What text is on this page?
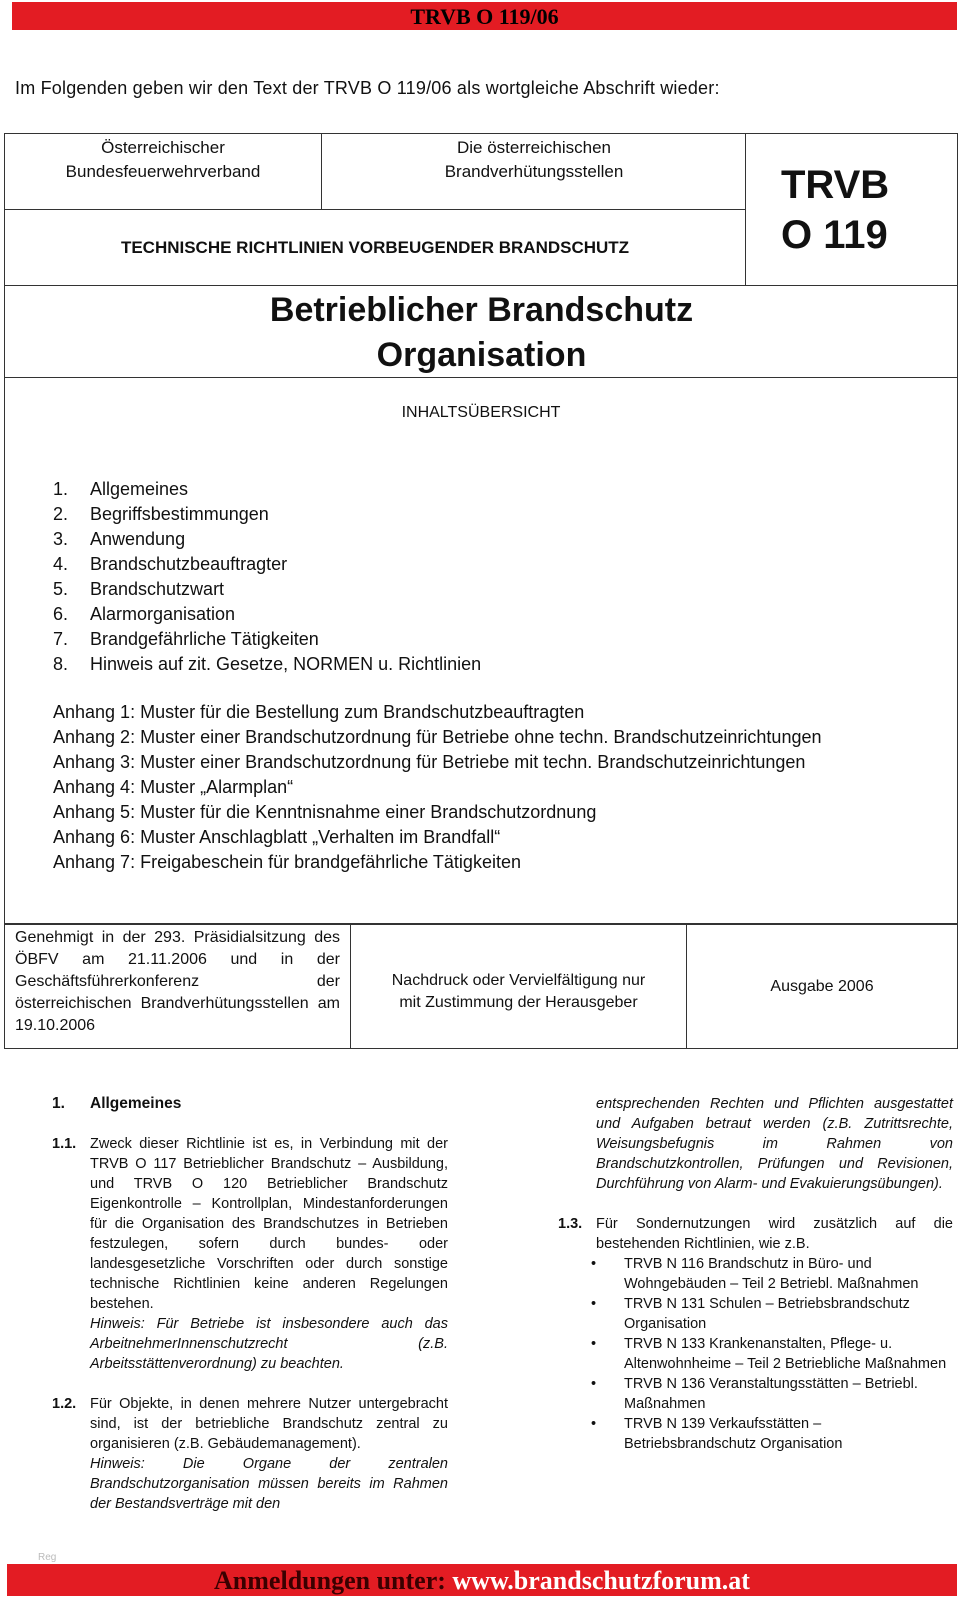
TRVB O 119/06
Im Folgenden geben wir den Text der TRVB O 119/06 als wortgleiche Abschrift wieder:
Österreichischer
Bundesfeuerwehrverband
Die österreichischen
Brandverhütungsstellen	TRVB
O 119
TECHNISCHE RICHTLINIEN VORBEUGENDER BRANDSCHUTZ
Betrieblicher Brandschutz
Organisation
INHALTSÜBERSICHT
1. Allgemeines
2. Begriffsbestimmungen
3. Anwendung
4. Brandschutzbeauftragter
5. Brandschutzwart
6. Alarmorganisation
7. Brandgefährliche Tätigkeiten
8. Hinweis auf zit. Gesetze, NORMEN u. Richtlinien
Anhang 1: Muster für die Bestellung zum Brandschutzbeauftragten
Anhang 2: Muster einer Brandschutzordnung für Betriebe ohne techn. Brandschutzeinrichtungen
Anhang 3: Muster einer Brandschutzordnung für Betriebe mit techn. Brandschutzeinrichtungen
Anhang 4: Muster „Alarmplan“
Anhang 5: Muster für die Kenntnisnahme einer Brandschutzordnung
Anhang 6: Muster Anschlagblatt „Verhalten im Brandfall“
Anhang 7: Freigabeschein für brandgefährliche Tätigkeiten
Genehmigt in der 293. Präsidialsitzung des ÖBFV am 21.11.2006 und in der Geschäftsführerkonferenz der österreichischen Brandverhütungsstellen am 19.10.2006
Nachdruck oder Vervielfältigung nur
mit Zustimmung der Herausgeber
Ausgabe 2006
1. Allgemeines
1.1. Zweck dieser Richtlinie ist es, in Verbindung mit der TRVB O 117 Betrieblicher Brandschutz – Ausbildung, und TRVB O 120 Betrieblicher Brandschutz Eigenkontrolle – Kontrollplan, Mindestanforderungen für die Organisation des Brandschutzes in Betrieben festzulegen, sofern durch bundes- oder landesgesetzliche Vorschriften oder durch sonstige technische Richtlinien keine anderen Regelungen bestehen.

Hinweis: Für Betriebe ist insbesondere auch das ArbeitnehmerInnenschutzrecht (z.B. Arbeitsstättenverordnung) zu beachten.

1.2. Für Objekte, in denen mehrere Nutzer untergebracht sind, ist der betriebliche Brandschutz zentral zu organisieren (z.B. Gebäudemanagement).

Hinweis: Die Organe der zentralen Brandschutzorganisation müssen bereits im Rahmen der Bestandsverträge mit den

entsprechenden Rechten und Pflichten ausgestattet und Aufgaben betraut werden (z.B. Zutrittsrechte, Weisungsbefugnis im Rahmen von Brandschutzkontrollen, Prüfungen und Revisionen, Durchführung von Alarm- und Evakuierungsübungen).

1.3. Für Sondernutzungen wird zusätzlich auf die bestehenden Richtlinien, wie z.B.

• TRVB N 116 Brandschutz in Büro- und Wohngebäuden – Teil 2 Betriebl. Maßnahmen
• TRVB N 131 Schulen – Betriebsbrandschutz Organisation
• TRVB N 133 Krankenanstalten, Pflege- u. Altenwohnheime – Teil 2 Betriebliche Maßnahmen
• TRVB N 136 Veranstaltungsstätten – Betriebl. Maßnahmen
• TRVB N 139 Verkaufsstätten – Betriebsbrandschutz Organisation
Reg
Anmeldungen unter: www.brandschutzforum.at
